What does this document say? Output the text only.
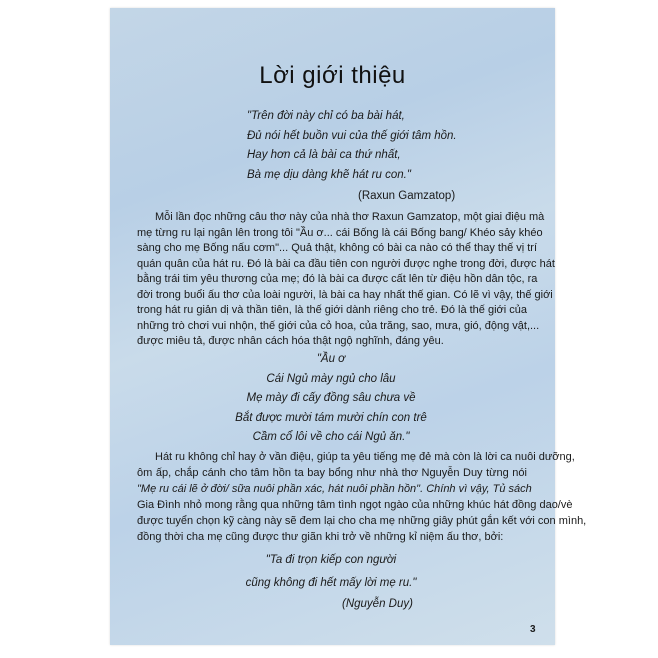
Lời giới thiệu
"Trên đời này chỉ có ba bài hát,
Đủ nói hết buồn vui của thế giới tâm hồn.
Hay hơn cả là bài ca thứ nhất,
Bà mẹ dịu dàng khẽ hát ru con."
(Raxun Gamzatop)
Mỗi lần đọc những câu thơ này của nhà thơ Raxun Gamzatop, một giai điệu mà
mẹ từng ru lại ngân lên trong tôi "Ầu ơ... cái Bống là cái Bống bang/ Khéo sảy khéo
sàng cho mẹ Bống nấu cơm"... Quả thật, không có bài ca nào có thể thay thế vị trí
quán quân của hát ru. Đó là bài ca đầu tiên con người được nghe trong đời, được hát
bằng trái tim yêu thương của mẹ; đó là bài ca được cất lên từ điệu hồn dân tộc, ra
đời trong buổi ấu thơ của loài người, là bài ca hay nhất thế gian. Có lẽ vì vậy, thế giới
trong hát ru giản dị và thần tiên, là thế giới dành riêng cho trẻ. Đó là thế giới của
những trò chơi vui nhộn, thế giới của cỏ hoa, của trăng, sao, mưa, gió, động vật,...
được miêu tả, được nhân cách hóa thật ngộ nghĩnh, đáng yêu.
"Ầu ơ
Cái Ngủ mày ngủ cho lâu
Mẹ mày đi cấy đồng sâu chưa về
Bắt được mười tám mười chín con trê
Cầm cổ lôi về cho cái Ngủ ăn."
Hát ru không chỉ hay ở vần điệu, giúp ta yêu tiếng mẹ đẻ mà còn là lời ca nuôi dưỡng,
ôm ấp, chắp cánh cho tâm hồn ta bay bổng như nhà thơ Nguyễn Duy từng nói
"Mẹ ru cái lẽ ở đời/ sữa nuôi phần xác, hát nuôi phần hồn". Chính vì vậy, Tủ sách
Gia Đình nhỏ mong rằng qua những tâm tình ngọt ngào của những khúc hát đồng dao/vè
được tuyển chọn kỹ càng này sẽ đem lại cho cha mẹ những giây phút gắn kết với con mình,
đồng thời cha mẹ cũng được thư giãn khi trở về những kỉ niệm ấu thơ, bởi:
"Ta đi trọn kiếp con người
cũng không đi hết mấy lời mẹ ru."
(Nguyễn Duy)
3
